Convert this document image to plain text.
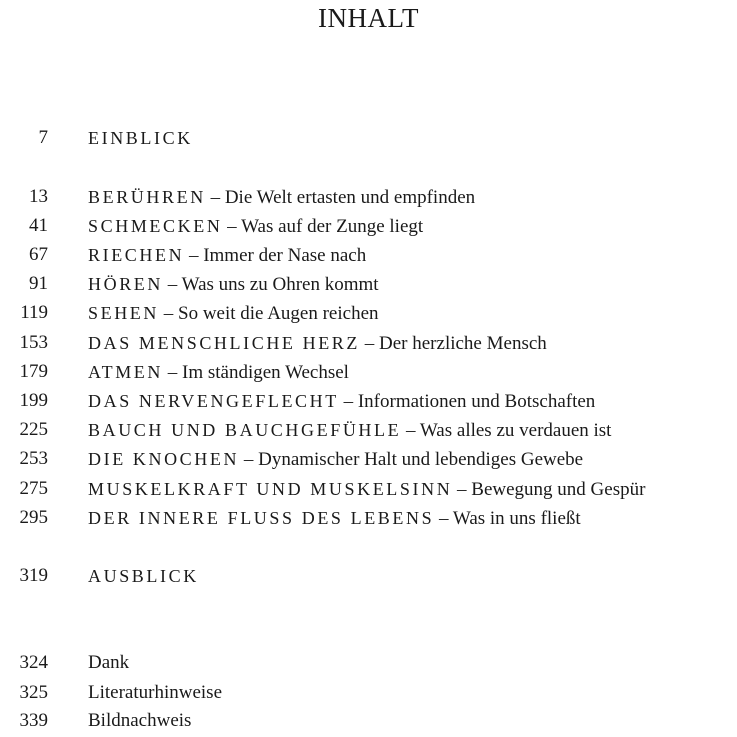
INHALT
7 EINBLICK
13 BERÜHREN – Die Welt ertasten und empfinden
41 SCHMECKEN – Was auf der Zunge liegt
67 RIECHEN – Immer der Nase nach
91 HÖREN – Was uns zu Ohren kommt
119 SEHEN – So weit die Augen reichen
153 DAS MENSCHLICHE HERZ – Der herzliche Mensch
179 ATMEN – Im ständigen Wechsel
199 DAS NERVENGEFLECHT – Informationen und Botschaften
225 BAUCH UND BAUCHGEFÜHLE – Was alles zu verdauen ist
253 DIE KNOCHEN – Dynamischer Halt und lebendiges Gewebe
275 MUSKELKRAFT UND MUSKELSINN – Bewegung und Gespür
295 DER INNERE FLUSS DES LEBENS – Was in uns fließt
319 AUSBLICK
324 Dank
325 Literaturhinweise
339 Bildnachweis
